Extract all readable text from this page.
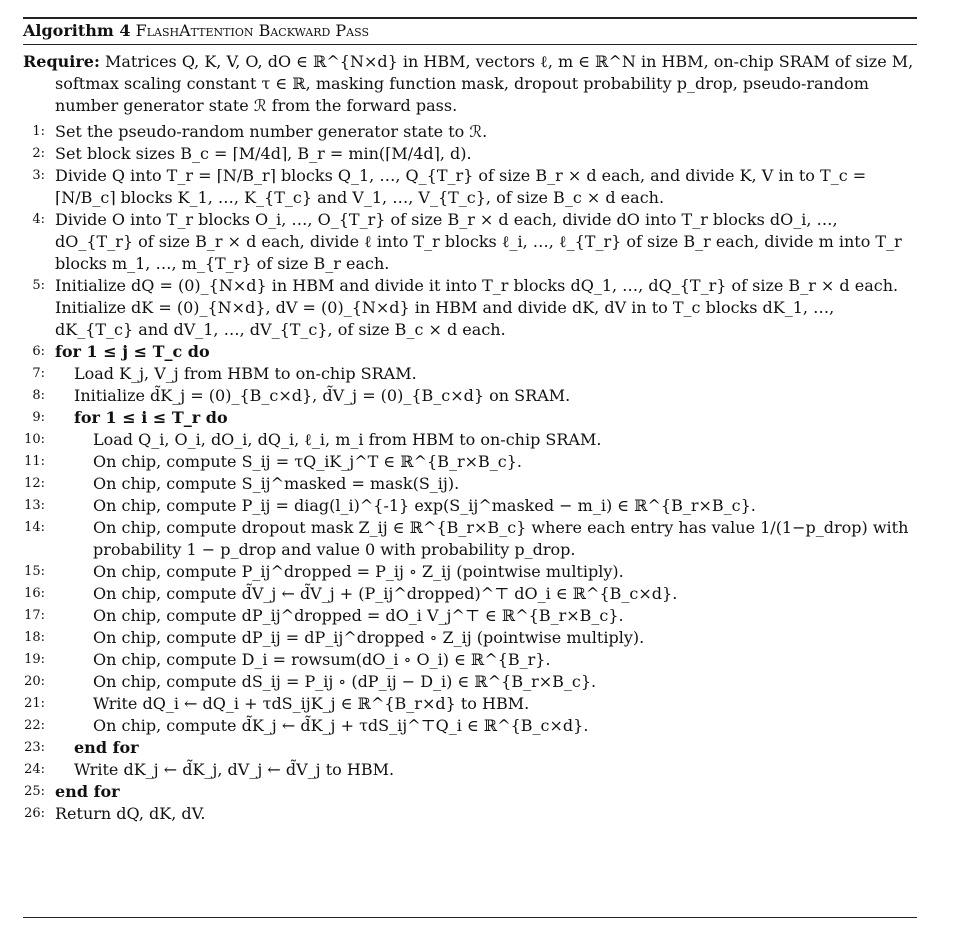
Algorithm 4 FlashAttention Backward Pass

Require: Matrices Q, K, V, O, dO ∈ ℝ^{N×d} in HBM, vectors ℓ, m ∈ ℝ^N in HBM, on-chip SRAM of size M, softmax scaling constant τ ∈ ℝ, masking function mask, dropout probability p_drop, pseudo-random number generator state ℛ from the forward pass.

1: Set the pseudo-random number generator state to ℛ.
2: Set block sizes B_c = ⌈M/4d⌉, B_r = min(⌈M/4d⌉, d).
3: Divide Q into T_r = ⌈N/B_r⌉ blocks Q_1, …, Q_{T_r} of size B_r × d each, and divide K, V in to T_c = ⌈N/B_c⌉ blocks K_1, …, K_{T_c} and V_1, …, V_{T_c}, of size B_c × d each.
4: Divide O into T_r blocks O_i, …, O_{T_r} of size B_r × d each, divide dO into T_r blocks dO_i, …, dO_{T_r} of size B_r × d each, divide ℓ into T_r blocks ℓ_i, …, ℓ_{T_r} of size B_r each, divide m into T_r blocks m_1, …, m_{T_r} of size B_r each.
5: Initialize dQ = (0)_{N×d} in HBM and divide it into T_r blocks dQ_1, …, dQ_{T_r} of size B_r × d each. Initialize dK = (0)_{N×d}, dV = (0)_{N×d} in HBM and divide dK, dV in to T_c blocks dK_1, …, dK_{T_c} and dV_1, …, dV_{T_c}, of size B_c × d each.
6: for 1 ≤ j ≤ T_c do
7: Load K_j, V_j from HBM to on-chip SRAM.
8: Initialize d̃K_j = (0)_{B_c×d}, d̃V_j = (0)_{B_c×d} on SRAM.
9: for 1 ≤ i ≤ T_r do
10:	Load Q_i, O_i, dO_i, dQ_i, ℓ_i, m_i from HBM to on-chip SRAM.
11:	On chip, compute S_ij = τQ_iK_j^T ∈ ℝ^{B_r×B_c}.
12:	On chip, compute S_ij^masked = mask(S_ij).
13:	On chip, compute P_ij = diag(l_i)^{-1} exp(S_ij^masked − m_i) ∈ ℝ^{B_r×B_c}.
14:	On chip, compute dropout mask Z_ij ∈ ℝ^{B_r×B_c} where each entry has value 1/(1−p_drop) with probability 1 − p_drop and value 0 with probability p_drop.
15:	On chip, compute P_ij^dropped = P_ij ∘ Z_ij (pointwise multiply).
16:	On chip, compute d̃V_j ← d̃V_j + (P_ij^dropped)^⊤ dO_i ∈ ℝ^{B_c×d}.
17:	On chip, compute dP_ij^dropped = dO_i V_j^⊤ ∈ ℝ^{B_r×B_c}.
18:	On chip, compute dP_ij = dP_ij^dropped ∘ Z_ij (pointwise multiply).
19:	On chip, compute D_i = rowsum(dO_i ∘ O_i) ∈ ℝ^{B_r}.
20:	On chip, compute dS_ij = P_ij ∘ (dP_ij − D_i) ∈ ℝ^{B_r×B_c}.
21:	Write dQ_i ← dQ_i + τdS_ijK_j ∈ ℝ^{B_r×d} to HBM.
22:	On chip, compute d̃K_j ← d̃K_j + τdS_ij^⊤Q_i ∈ ℝ^{B_c×d}.
23: end for
24: Write dK_j ← d̃K_j, dV_j ← d̃V_j to HBM.
25: end for
26: Return dQ, dK, dV.
